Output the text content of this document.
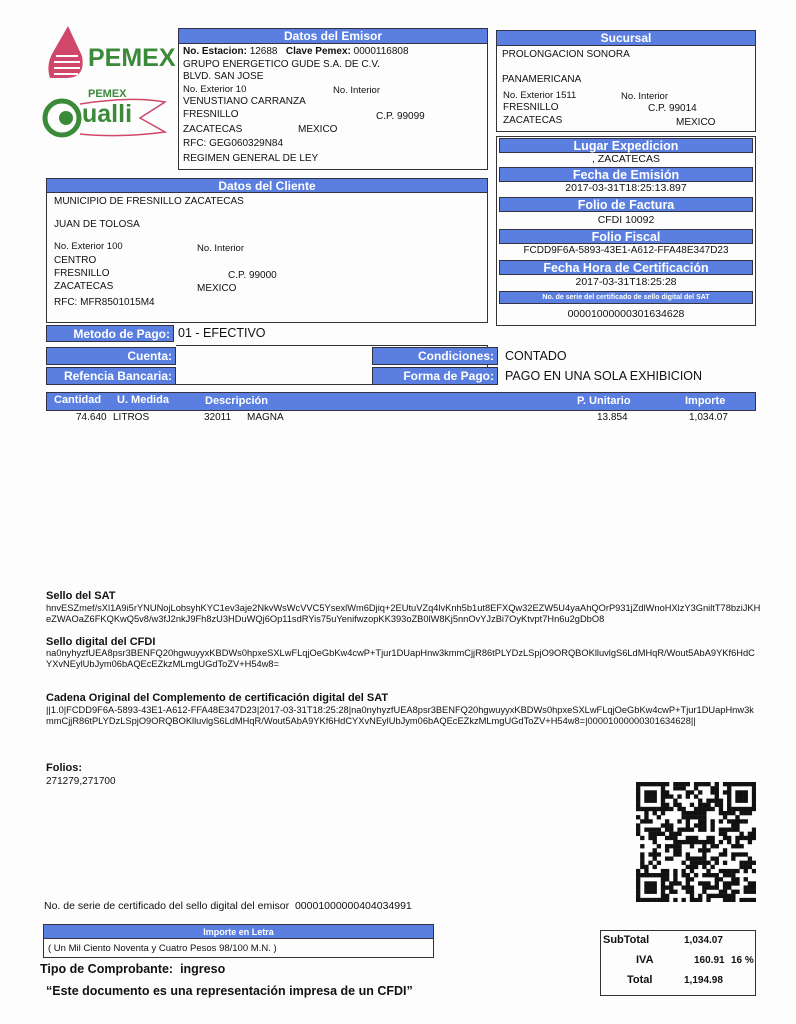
PEMEX
PEMEX
ualli
Datos del Emisor
No. Estacion: 12688 Clave Pemex: 0000116808
GRUPO ENERGETICO GUDE S.A. DE C.V.
BLVD. SAN JOSE
No. Exterior 10	No. Interior
VENUSTIANO CARRANZA
FRESNILLO	C.P. 99099
ZACATECAS	MEXICO
RFC: GEG060329N84
REGIMEN GENERAL DE LEY
Sucursal
PROLONGACION SONORA
PANAMERICANA
No. Exterior 1511	No. Interior
FRESNILLO	C.P. 99014
ZACATECAS	MEXICO
Lugar Expedicion
, ZACATECAS
Fecha de Emisión
2017-03-31T18:25:13.897
Folio de Factura
CFDI 10092
Folio Fiscal
FCDD9F6A-5893-43E1-A612-FFA48E347D23
Fecha Hora de Certificación
2017-03-31T18:25:28
No. de serie del certificado de sello digital del SAT
00001000000301634628
Datos del Cliente
MUNICIPIO DE FRESNILLO ZACATECAS
JUAN DE TOLOSA
No. Exterior 100	No. Interior
CENTRO
FRESNILLO	C.P. 99000
ZACATECAS	MEXICO
RFC: MFR8501015M4
Metodo de Pago: 01 - EFECTIVO
Cuenta:
Refencia Bancaria:
Condiciones: CONTADO
Forma de Pago: PAGO EN UNA SOLA EXHIBICION
Cantidad U. Medida	Descripción	P. Unitario	Importe
74.640 LITROS	32011 MAGNA	13.854	1,034.07
Sello del SAT
hnvESZmef/sXl1A9i5rYNUNojLobsyhKYC1ev3aje2NkvWsWcVVC5YsexlWm6Djiq+2EUtuVZq4lvKnh5b1ut8EFXQw32EZW5U4yaAhQOrP931jZdlWnoHXlzY3GniltT78bziJKHeZWAOaZ6FKQKwQ5v8/w3fJ2nkJ9Fh8zU3HDuWQj6Op11sdRYis75uYenifwzopKK393oZB0lW8Kj5nnOvYJzBi7OyKtvpt7Hn6u2gDbO8
Sello digital del CFDI
na0nyhyzfUEA8psr3BENFQ20hgwuyyxKBDWs0hpxeSXLwFLqjOeGbKw4cwP+Tjur1DUapHnw3kmmCjjR86tPLYDzLSpjO9ORQBOKlluvlgS6LdMHqR/Wout5AbA9YKf6HdCYXvNEylUbJym06bAQEcEZkzMLmgUGdToZV+H54w8=
Cadena Original del Complemento de certificación digital del SAT
||1.0|FCDD9F6A-5893-43E1-A612-FFA48E347D23|2017-03-31T18:25:28|na0nyhyzfUEA8psr3BENFQ20hgwuyyxKBDWs0hpxeSXLwFLqjOeGbKw4cwP+Tjur1DUapHnw3kmmCjjR86tPLYDzLSpjO9ORQBOKlluvlgS6LdMHqR/Wout5AbA9YKf6HdCYXvNEylUbJym06bAQEcEZkzMLmgUGdToZV+H54w8=|00001000000301634628||
Folios:
271279,271700
No. de serie de certificado del sello digital del emisor 00001000000404034991
Importe en Letra
( Un Mil Ciento Noventa y Cuatro Pesos 98/100 M.N. )
Tipo de Comprobante: ingreso
“Este documento es una representación impresa de un CFDI”
SubTotal	1,034.07
IVA	160.91 16 %
Total	1,194.98
